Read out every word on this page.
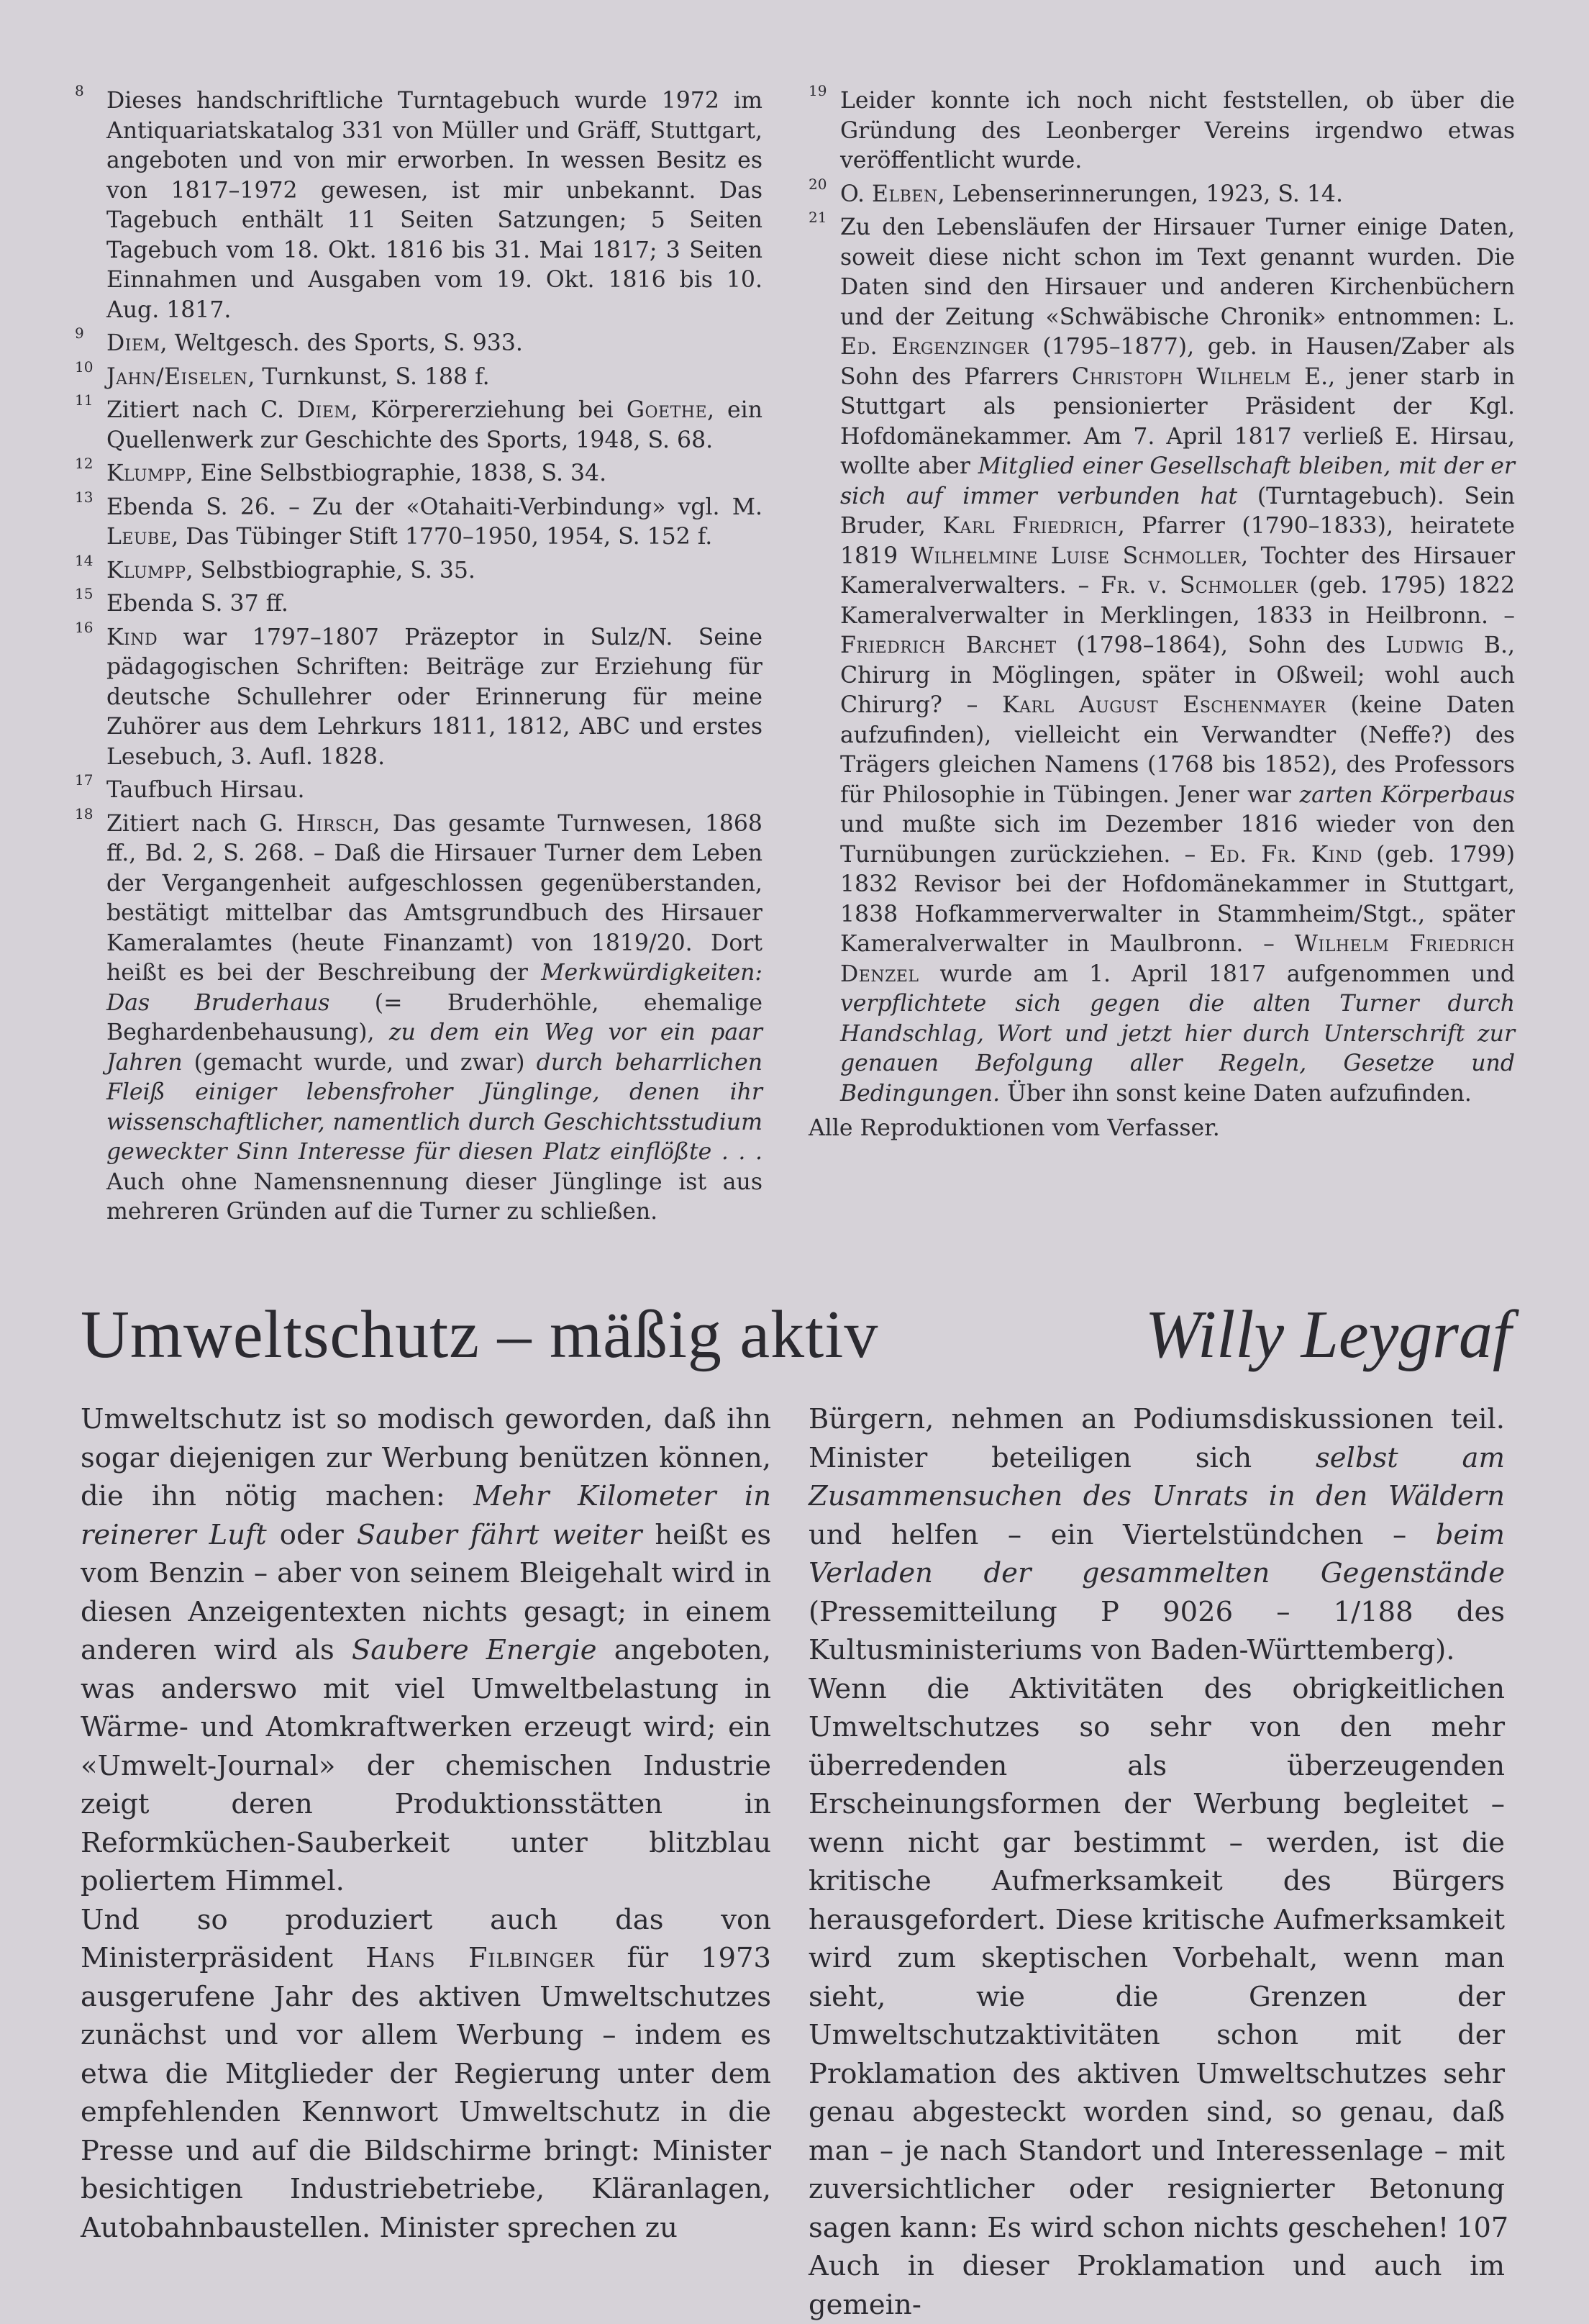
8 Dieses handschriftliche Turntagebuch wurde 1972 im Antiquariatskatalog 331 von Müller und Gräff, Stuttgart, angeboten und von mir erworben. In wessen Besitz es von 1817–1972 gewesen, ist mir unbekannt. Das Tagebuch enthält 11 Seiten Satzungen; 5 Seiten Tagebuch vom 18. Okt. 1816 bis 31. Mai 1817; 3 Seiten Einnahmen und Ausgaben vom 19. Okt. 1816 bis 10. Aug. 1817.

9 Diem, Weltgesch. des Sports, S. 933.

10 Jahn/Eiselen, Turnkunst, S. 188 f.

11 Zitiert nach C. Diem, Körpererziehung bei Goethe, ein Quellenwerk zur Geschichte des Sports, 1948, S. 68.

12 Klumpp, Eine Selbstbiographie, 1838, S. 34.

13 Ebenda S. 26. – Zu der «Otahaiti-Verbindung» vgl. M. Leube, Das Tübinger Stift 1770–1950, 1954, S. 152 f.

14 Klumpp, Selbstbiographie, S. 35.

15 Ebenda S. 37 ff.

16 Kind war 1797–1807 Präzeptor in Sulz/N. Seine pädagogischen Schriften: Beiträge zur Erziehung für deutsche Schullehrer oder Erinnerung für meine Zuhörer aus dem Lehrkurs 1811, 1812, ABC und erstes Lesebuch, 3. Aufl. 1828.

17 Taufbuch Hirsau.

18 Zitiert nach G. Hirsch, Das gesamte Turnwesen, 1868 ff., Bd. 2, S. 268. – Daß die Hirsauer Turner dem Leben der Vergangenheit aufgeschlossen gegenüberstanden, bestätigt mittelbar das Amtsgrundbuch des Hirsauer Kameralamtes (heute Finanzamt) von 1819/20. Dort heißt es bei der Beschreibung der Merkwürdigkeiten: Das Bruderhaus (= Bruderhöhle, ehemalige Beghardenbehausung), zu dem ein Weg vor ein paar Jahren (gemacht wurde, und zwar) durch beharrlichen Fleiß einiger lebensfroher Jünglinge, denen ihr wissenschaftlicher, namentlich durch Geschichtsstudium geweckter Sinn Interesse für diesen Platz einflößte . . . Auch ohne Namensnennung dieser Jünglinge ist aus mehreren Gründen auf die Turner zu schließen.

19 Leider konnte ich noch nicht feststellen, ob über die Gründung des Leonberger Vereins irgendwo etwas veröffentlicht wurde.

20 O. Elben, Lebenserinnerungen, 1923, S. 14.

21 Zu den Lebensläufen der Hirsauer Turner einige Daten, soweit diese nicht schon im Text genannt wurden. Die Daten sind den Hirsauer und anderen Kirchenbüchern und der Zeitung «Schwäbische Chronik» entnommen: L. Ed. Ergenzinger (1795–1877), geb. in Hausen/Zaber als Sohn des Pfarrers Christoph Wilhelm E., jener starb in Stuttgart als pensionierter Präsident der Kgl. Hofdomänekammer. Am 7. April 1817 verließ E. Hirsau, wollte aber Mitglied einer Gesellschaft bleiben, mit der er sich auf immer verbunden hat (Turntagebuch). Sein Bruder, Karl Friedrich, Pfarrer (1790–1833), heiratete 1819 Wilhelmine Luise Schmoller, Tochter des Hirsauer Kameralverwalters. – Fr. v. Schmoller (geb. 1795) 1822 Kameralverwalter in Merklingen, 1833 in Heilbronn. – Friedrich Barchet (1798–1864), Sohn des Ludwig B., Chirurg in Möglingen, später in Oßweil; wohl auch Chirurg? – Karl August Eschenmayer (keine Daten aufzufinden), vielleicht ein Verwandter (Neffe?) des Trägers gleichen Namens (1768 bis 1852), des Professors für Philosophie in Tübingen. Jener war zarten Körperbaus und mußte sich im Dezember 1816 wieder von den Turnübungen zurückziehen. – Ed. Fr. Kind (geb. 1799) 1832 Revisor bei der Hofdomänekammer in Stuttgart, 1838 Hofkammerverwalter in Stammheim/Stgt., später Kameralverwalter in Maulbronn. – Wilhelm Friedrich Denzel wurde am 1. April 1817 aufgenommen und verpflichtete sich gegen die alten Turner durch Handschlag, Wort und jetzt hier durch Unterschrift zur genauen Befolgung aller Regeln, Gesetze und Bedingungen. Über ihn sonst keine Daten aufzufinden.

Alle Reproduktionen vom Verfasser.
Umweltschutz – mäßig aktiv	Willy Leygraf

Umweltschutz ist so modisch geworden, daß ihn sogar diejenigen zur Werbung benützen können, die ihn nötig machen: Mehr Kilometer in reinerer Luft oder Sauber fährt weiter heißt es vom Benzin – aber von seinem Bleigehalt wird in diesen Anzeigentexten nichts gesagt; in einem anderen wird als Saubere Energie angeboten, was anderswo mit viel Umweltbelastung in Wärme- und Atomkraftwerken erzeugt wird; ein «Umwelt-Journal» der chemischen Industrie zeigt deren Produktionsstätten in Reformküchen-Sauberkeit unter blitzblau poliertem Himmel.

Und so produziert auch das von Ministerpräsident Hans Filbinger für 1973 ausgerufene Jahr des aktiven Umweltschutzes zunächst und vor allem Werbung – indem es etwa die Mitglieder der Regierung unter dem empfehlenden Kennwort Umweltschutz in die Presse und auf die Bildschirme bringt: Minister besichtigen Industriebetriebe, Kläranlagen, Autobahnbaustellen. Minister sprechen zu

Bürgern, nehmen an Podiumsdiskussionen teil. Minister beteiligen sich selbst am Zusammensuchen des Unrats in den Wäldern und helfen – ein Viertelstündchen – beim Verladen der gesammelten Gegenstände (Pressemitteilung P 9026 – 1/188 des Kultusministeriums von Baden-Württemberg).

Wenn die Aktivitäten des obrigkeitlichen Umweltschutzes so sehr von den mehr überredenden als überzeugenden Erscheinungsformen der Werbung begleitet – wenn nicht gar bestimmt – werden, ist die kritische Aufmerksamkeit des Bürgers herausgefordert. Diese kritische Aufmerksamkeit wird zum skeptischen Vorbehalt, wenn man sieht, wie die Grenzen der Umweltschutzaktivitäten schon mit der Proklamation des aktiven Umweltschutzes sehr genau abgesteckt worden sind, so genau, daß man – je nach Standort und Interessenlage – mit zuversichtlicher oder resignierter Betonung sagen kann: Es wird schon nichts geschehen!

Auch in dieser Proklamation und auch im gemein-

107
